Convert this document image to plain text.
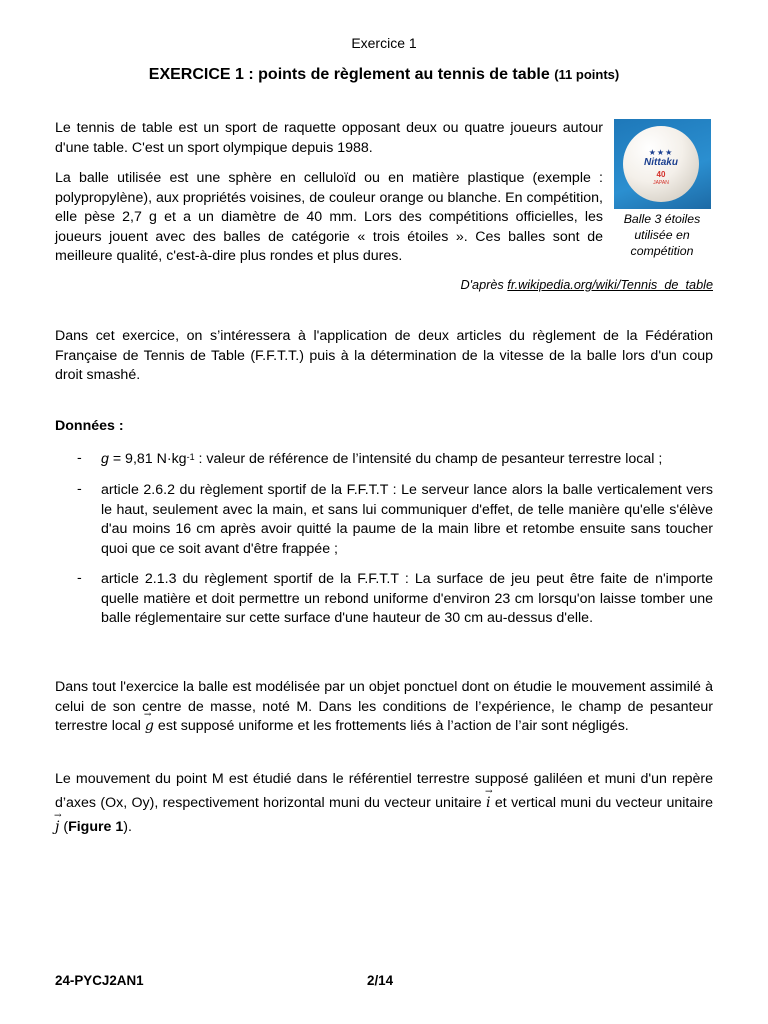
Exercice 1
EXERCICE 1 : points de règlement au tennis de table (11 points)

Le tennis de table est un sport de raquette opposant deux ou quatre joueurs autour d'une table. C'est un sport olympique depuis 1988.

La balle utilisée est une sphère en celluloïd ou en matière plastique (exemple : polypropylène), aux propriétés voisines, de couleur orange ou blanche. En compétition, elle pèse 2,7 g et a un diamètre de 40 mm. Lors des compétitions officielles, les joueurs jouent avec des balles de catégorie « trois étoiles ». Ces balles sont de meilleure qualité, c'est-à-dire plus rondes et plus dures.

★★★
Nittaku
40
JAPAN
Balle 3 étoiles utilisée en compétition
D'après fr.wikipedia.org/wiki/Tennis_de_table

Dans cet exercice, on s’intéressera à l'application de deux articles du règlement de la Fédération Française de Tennis de Table (F.F.T.T.) puis à la détermination de la vitesse de la balle lors d'un coup droit smashé.

Données :
- g = 9,81 $N\cdot kg^{-1}$ : valeur de référence de l’intensité du champ de pesanteur terrestre local ;

- article 2.6.2 du règlement sportif de la F.F.T.T : Le serveur lance alors la balle verticalement vers le haut, seulement avec la main, et sans lui communiquer d'effet, de telle manière qu'elle s'élève d'au moins 16 cm après avoir quitté la paume de la main libre et retombe ensuite sans toucher quoi que ce soit avant d'être frappée ;

- article 2.1.3 du règlement sportif de la F.F.T.T : La surface de jeu peut être faite de n'importe quelle matière et doit permettre un rebond uniforme d'environ 23 cm lorsqu'on laisse tomber une balle réglementaire sur cette surface d'une hauteur de 30 cm au-dessus d'elle.

Dans tout l'exercice la balle est modélisée par un objet ponctuel dont on étudie le mouvement assimilé à celui de son centre de masse, noté M. Dans les conditions de l’expérience, le champ de pesanteur terrestre local → g est supposé uniforme et les frottements liés à l’action de l’air sont négligés.

Le mouvement du point M est étudié dans le référentiel terrestre supposé galiléen et muni d'un repère d’axes (Ox, Oy), respectivement horizontal muni du vecteur unitaire → i et vertical muni du vecteur unitaire → j (Figure 1).

24-PYCJ2AN1	2/14
